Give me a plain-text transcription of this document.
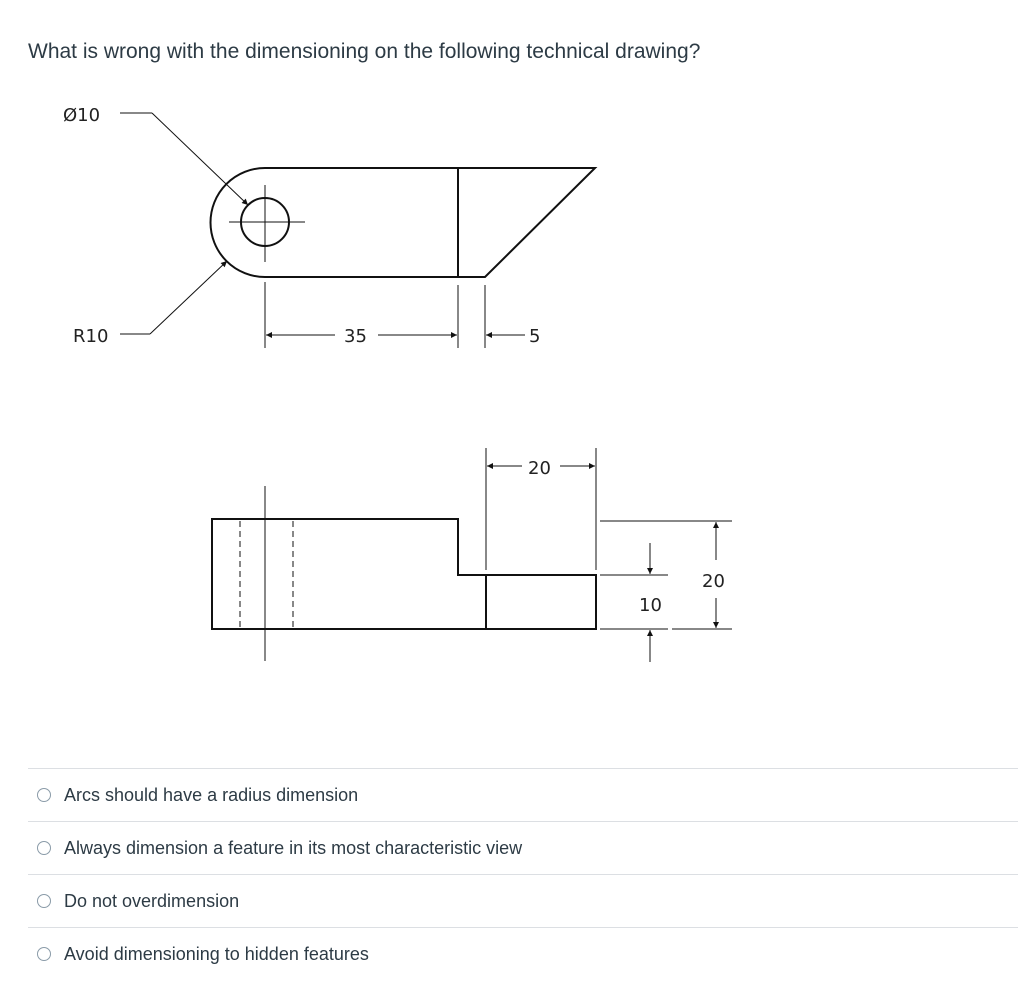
What is wrong with the dimensioning on the following technical drawing?
Ø10
R10	35	5
20
10
20
Arcs should have a radius dimension
Always dimension a feature in its most characteristic view
Do not overdimension
Avoid dimensioning to hidden features
